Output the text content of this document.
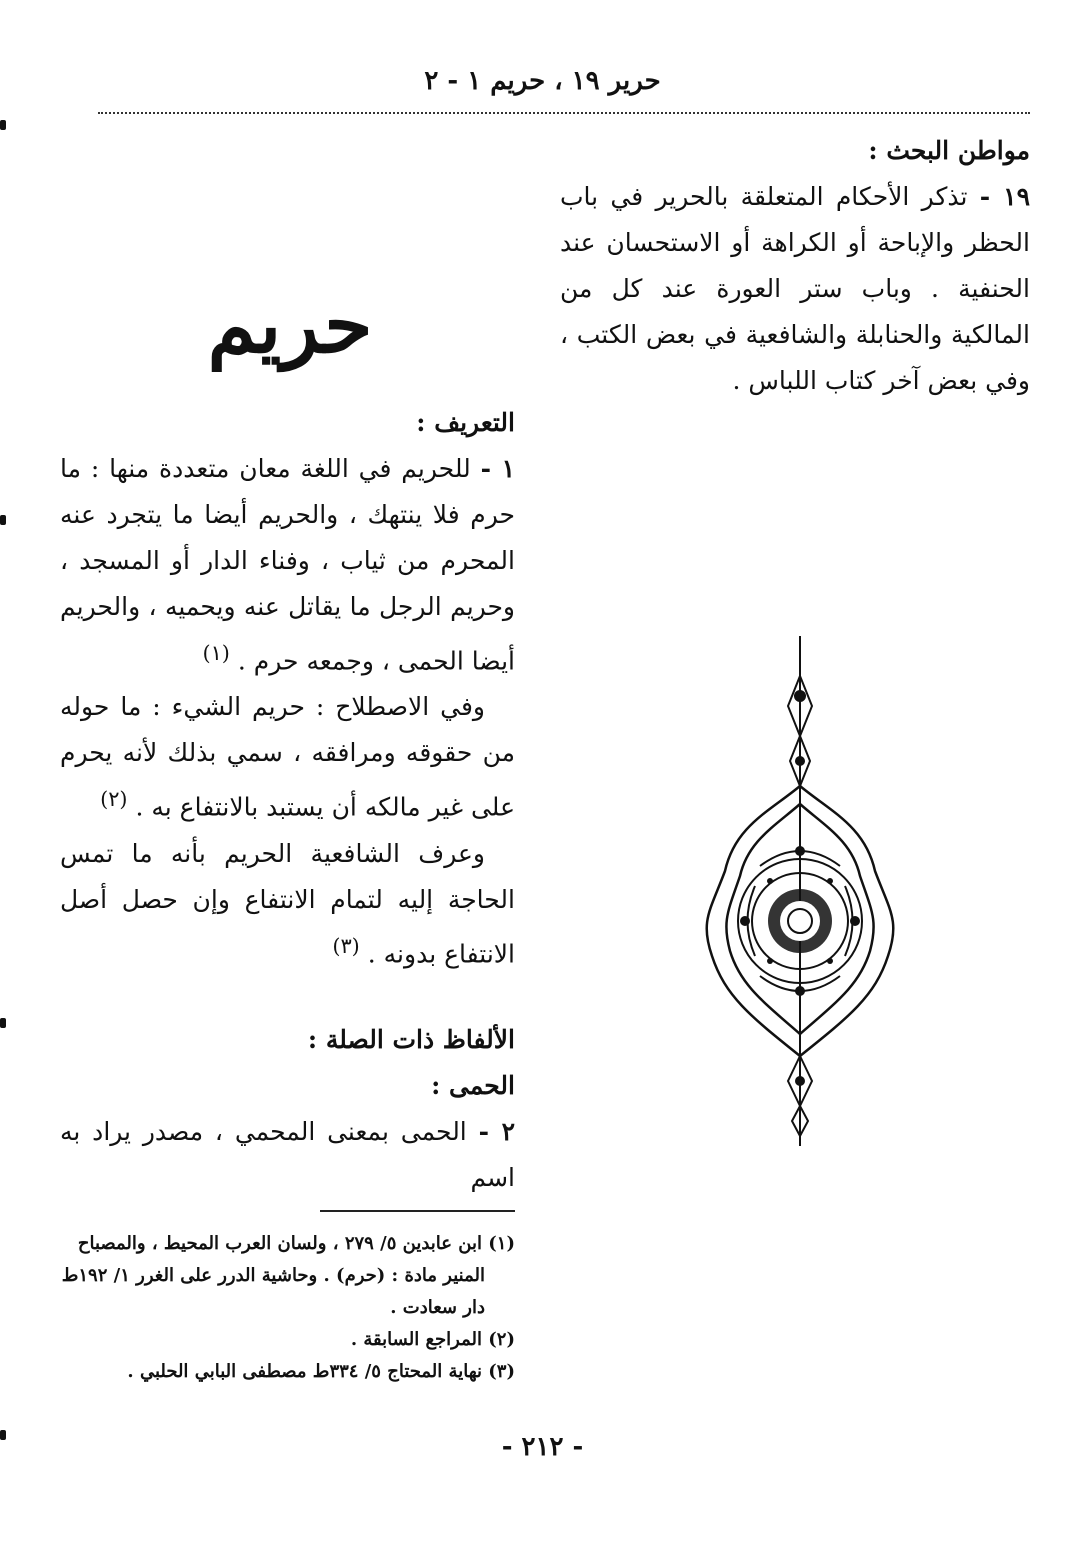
حرير ١٩ ، حريم ١ - ٢

مواطن البحث :

١٩ - تذكر الأحكام المتعلقة بالحرير في باب الحظر والإباحة أو الكراهة أو الاستحسان عند الحنفية . وباب ستر العورة عند كل من المالكية والحنابلة والشافعية في بعض الكتب ، وفي بعض آخر كتاب اللباس .

حريم

التعريف :

١ - للحريم في اللغة معان متعددة منها : ما حرم فلا ينتهك ، والحريم أيضا ما يتجرد عنه المحرم من ثياب ، وفناء الدار أو المسجد ، وحريم الرجل ما يقاتل عنه ويحميه ، والحريم أيضا الحمى ، وجمعه حرم . $^{(١)}$

وفي الاصطلاح : حريم الشيء : ما حوله من حقوقه ومرافقه ، سمي بذلك لأنه يحرم على غير مالكه أن يستبد بالانتفاع به . $^{(٢)}$

وعرف الشافعية الحريم بأنه ما تمس الحاجة إليه لتمام الانتفاع وإن حصل أصل الانتفاع بدونه . $^{(٣)}$

الألفاظ ذات الصلة :

الحمى :

٢ - الحمى بمعنى المحمي ، مصدر يراد به اسم

(١) ابن عابدين ٥/ ٢٧٩ ، ولسان العرب المحيط ، والمصباح

المنير مادة : (حرم) . وحاشية الدرر على الغرر ١/ ١٩٢ط

دار سعادت .

(٢) المراجع السابقة .

(٣) نهاية المحتاج ٥/ ٣٣٤ط مصطفى البابي الحلبي .

- ٢١٢ -
